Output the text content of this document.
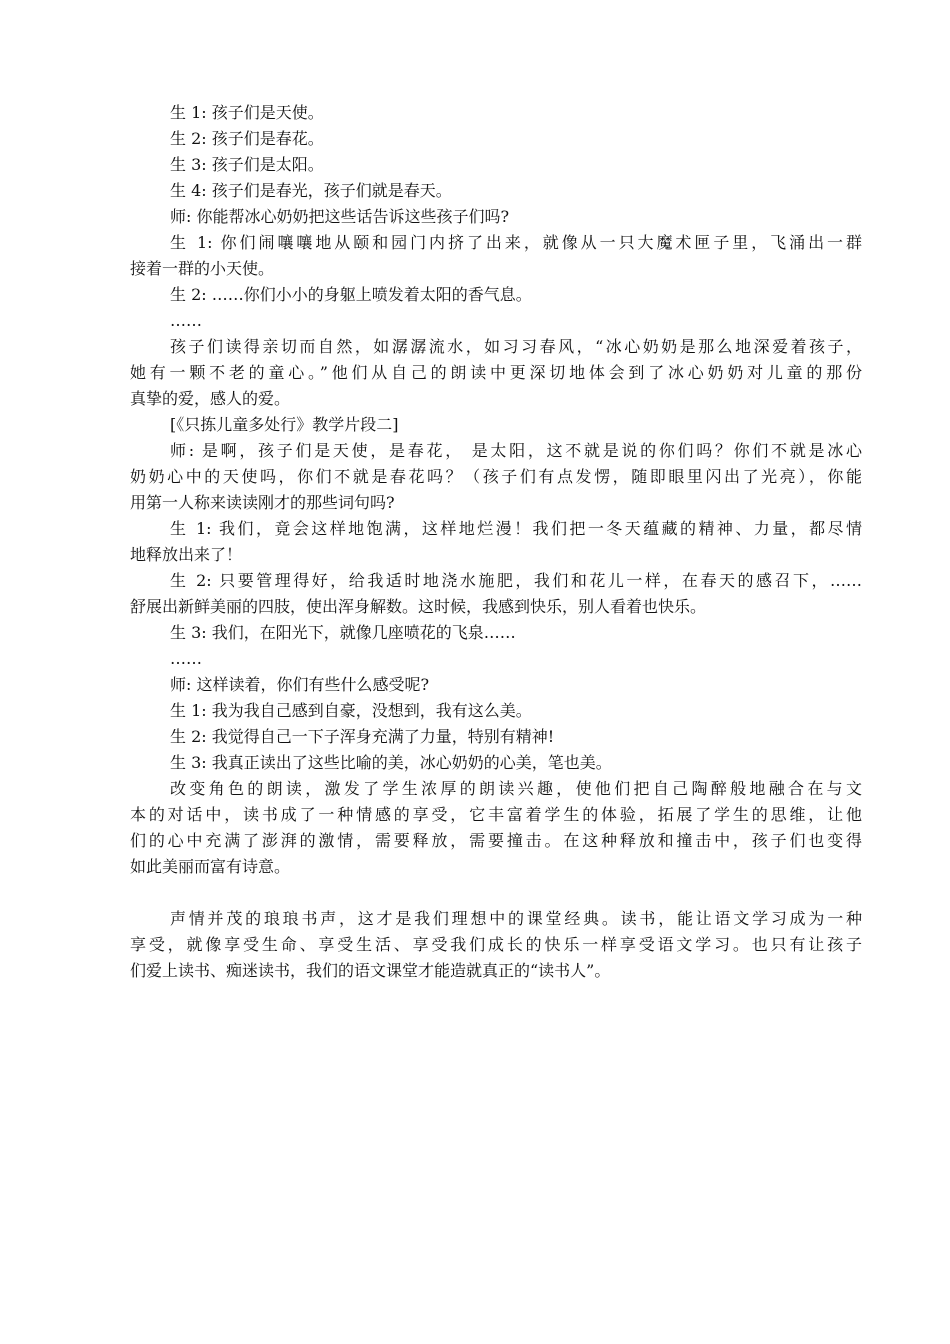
生 1: 孩子们是天使。
生 2: 孩子们是春花。
生 3: 孩子们是太阳。
生 4: 孩子们是春光，孩子们就是春天。
师: 你能帮冰心奶奶把这些话告诉这些孩子们吗?
生 1: 你们闹嚷嚷地从颐和园门内挤了出来，就像从一只大魔术匣子里，飞涌出一群
接着一群的小天使。
生 2: ……你们小小的身躯上喷发着太阳的香气息。
……
孩子们读得亲切而自然，如潺潺流水，如习习春风，“冰心奶奶是那么地深爱着孩子，
她有一颗不老的童心。”他们从自己的朗读中更深切地体会到了冰心奶奶对儿童的那份
真挚的爱，感人的爱。
[《只拣儿童多处行》教学片段二]
师: 是啊，孩子们是天使，是春花， 是太阳，这不就是说的你们吗？你们不就是冰心
奶奶心中的天使吗，你们不就是春花吗？（孩子们有点发愣，随即眼里闪出了光亮），你能
用第一人称来读读刚才的那些词句吗?
生 1: 我们，竟会这样地饱满，这样地烂漫！我们把一冬天蕴藏的精神、力量，都尽情
地释放出来了！
生 2: 只要管理得好，给我适时地浇水施肥，我们和花儿一样，在春天的感召下，……
舒展出新鲜美丽的四肢，使出浑身解数。这时候，我感到快乐，别人看着也快乐。
生 3: 我们，在阳光下，就像几座喷花的飞泉……
……
师: 这样读着，你们有些什么感受呢?
生 1: 我为我自己感到自豪，没想到，我有这么美。
生 2: 我觉得自己一下子浑身充满了力量，特别有精神!
生 3: 我真正读出了这些比喻的美，冰心奶奶的心美，笔也美。
改变角色的朗读，激发了学生浓厚的朗读兴趣，使他们把自己陶醉般地融合在与文
本的对话中，读书成了一种情感的享受，它丰富着学生的体验，拓展了学生的思维，让他
们的心中充满了澎湃的激情，需要释放，需要撞击。在这种释放和撞击中，孩子们也变得
如此美丽而富有诗意。
声情并茂的琅琅书声，这才是我们理想中的课堂经典。读书，能让语文学习成为一种
享受，就像享受生命、享受生活、享受我们成长的快乐一样享受语文学习。也只有让孩子
们爱上读书、痴迷读书，我们的语文课堂才能造就真正的“读书人”。
